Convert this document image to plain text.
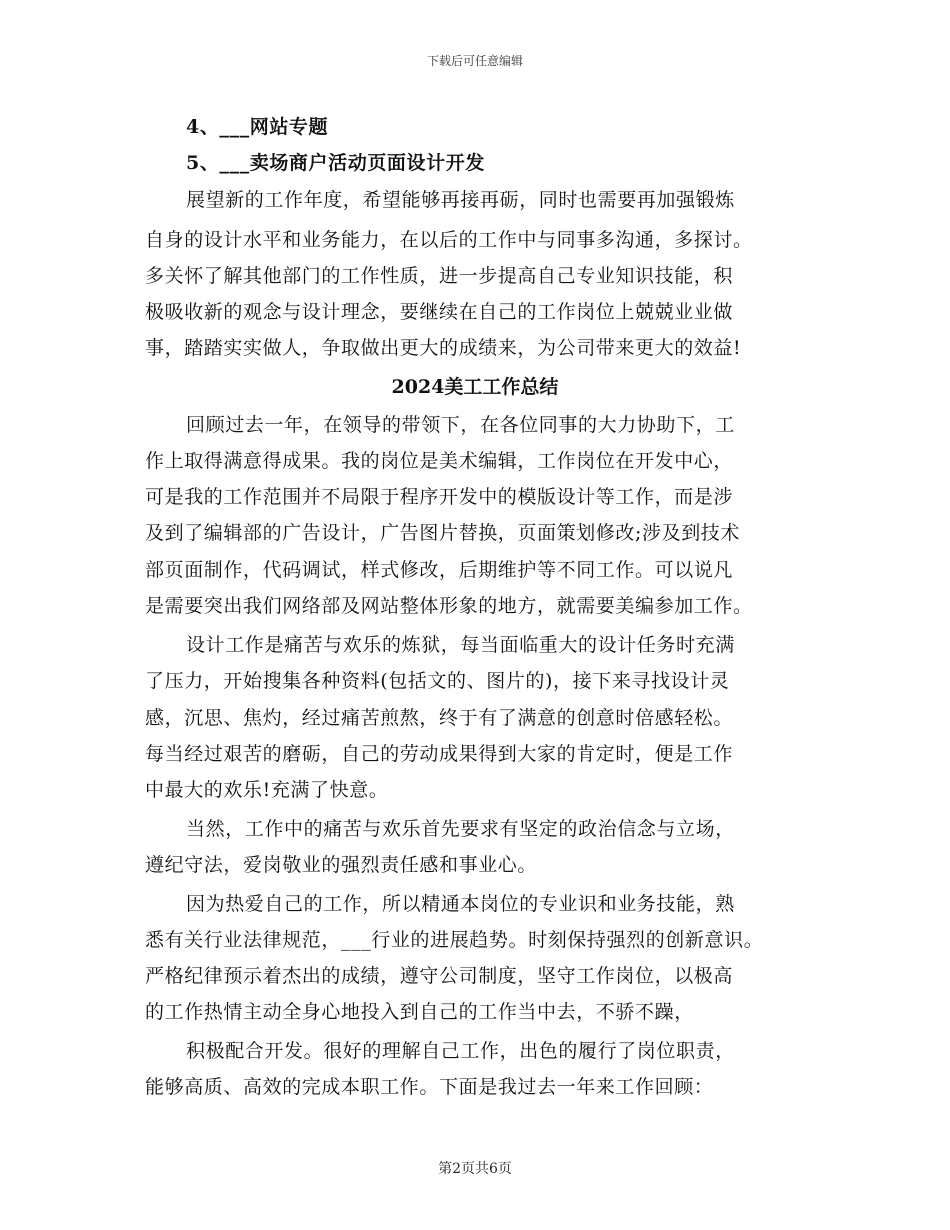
下载后可任意编辑
4、___网站专题
5、___卖场商户活动页面设计开发
展望新的工作年度，希望能够再接再砺，同时也需要再加强锻炼
自身的设计水平和业务能力，在以后的工作中与同事多沟通，多探讨。
多关怀了解其他部门的工作性质，进一步提高自己专业知识技能，积
极吸收新的观念与设计理念，要继续在自己的工作岗位上兢兢业业做
事，踏踏实实做人，争取做出更大的成绩来，为公司带来更大的效益!
2024美工工作总结
回顾过去一年，在领导的带领下，在各位同事的大力协助下，工
作上取得满意得成果。我的岗位是美术编辑，工作岗位在开发中心，
可是我的工作范围并不局限于程序开发中的模版设计等工作，而是涉
及到了编辑部的广告设计，广告图片替换，页面策划修改;涉及到技术
部页面制作，代码调试，样式修改，后期维护等不同工作。可以说凡
是需要突出我们网络部及网站整体形象的地方，就需要美编参加工作。
设计工作是痛苦与欢乐的炼狱，每当面临重大的设计任务时充满
了压力，开始搜集各种资料(包括文的、图片的)，接下来寻找设计灵
感，沉思、焦灼，经过痛苦煎熬，终于有了满意的创意时倍感轻松。
每当经过艰苦的磨砺，自己的劳动成果得到大家的肯定时，便是工作
中最大的欢乐!充满了快意。
当然，工作中的痛苦与欢乐首先要求有坚定的政治信念与立场，
遵纪守法，爱岗敬业的强烈责任感和事业心。
因为热爱自己的工作，所以精通本岗位的专业识和业务技能，熟
悉有关行业法律规范，___行业的进展趋势。时刻保持强烈的创新意识。
严格纪律预示着杰出的成绩，遵守公司制度，坚守工作岗位，以极高
的工作热情主动全身心地投入到自己的工作当中去，不骄不躁，
积极配合开发。很好的理解自己工作，出色的履行了岗位职责，
能够高质、高效的完成本职工作。下面是我过去一年来工作回顾：
第2页共6页
